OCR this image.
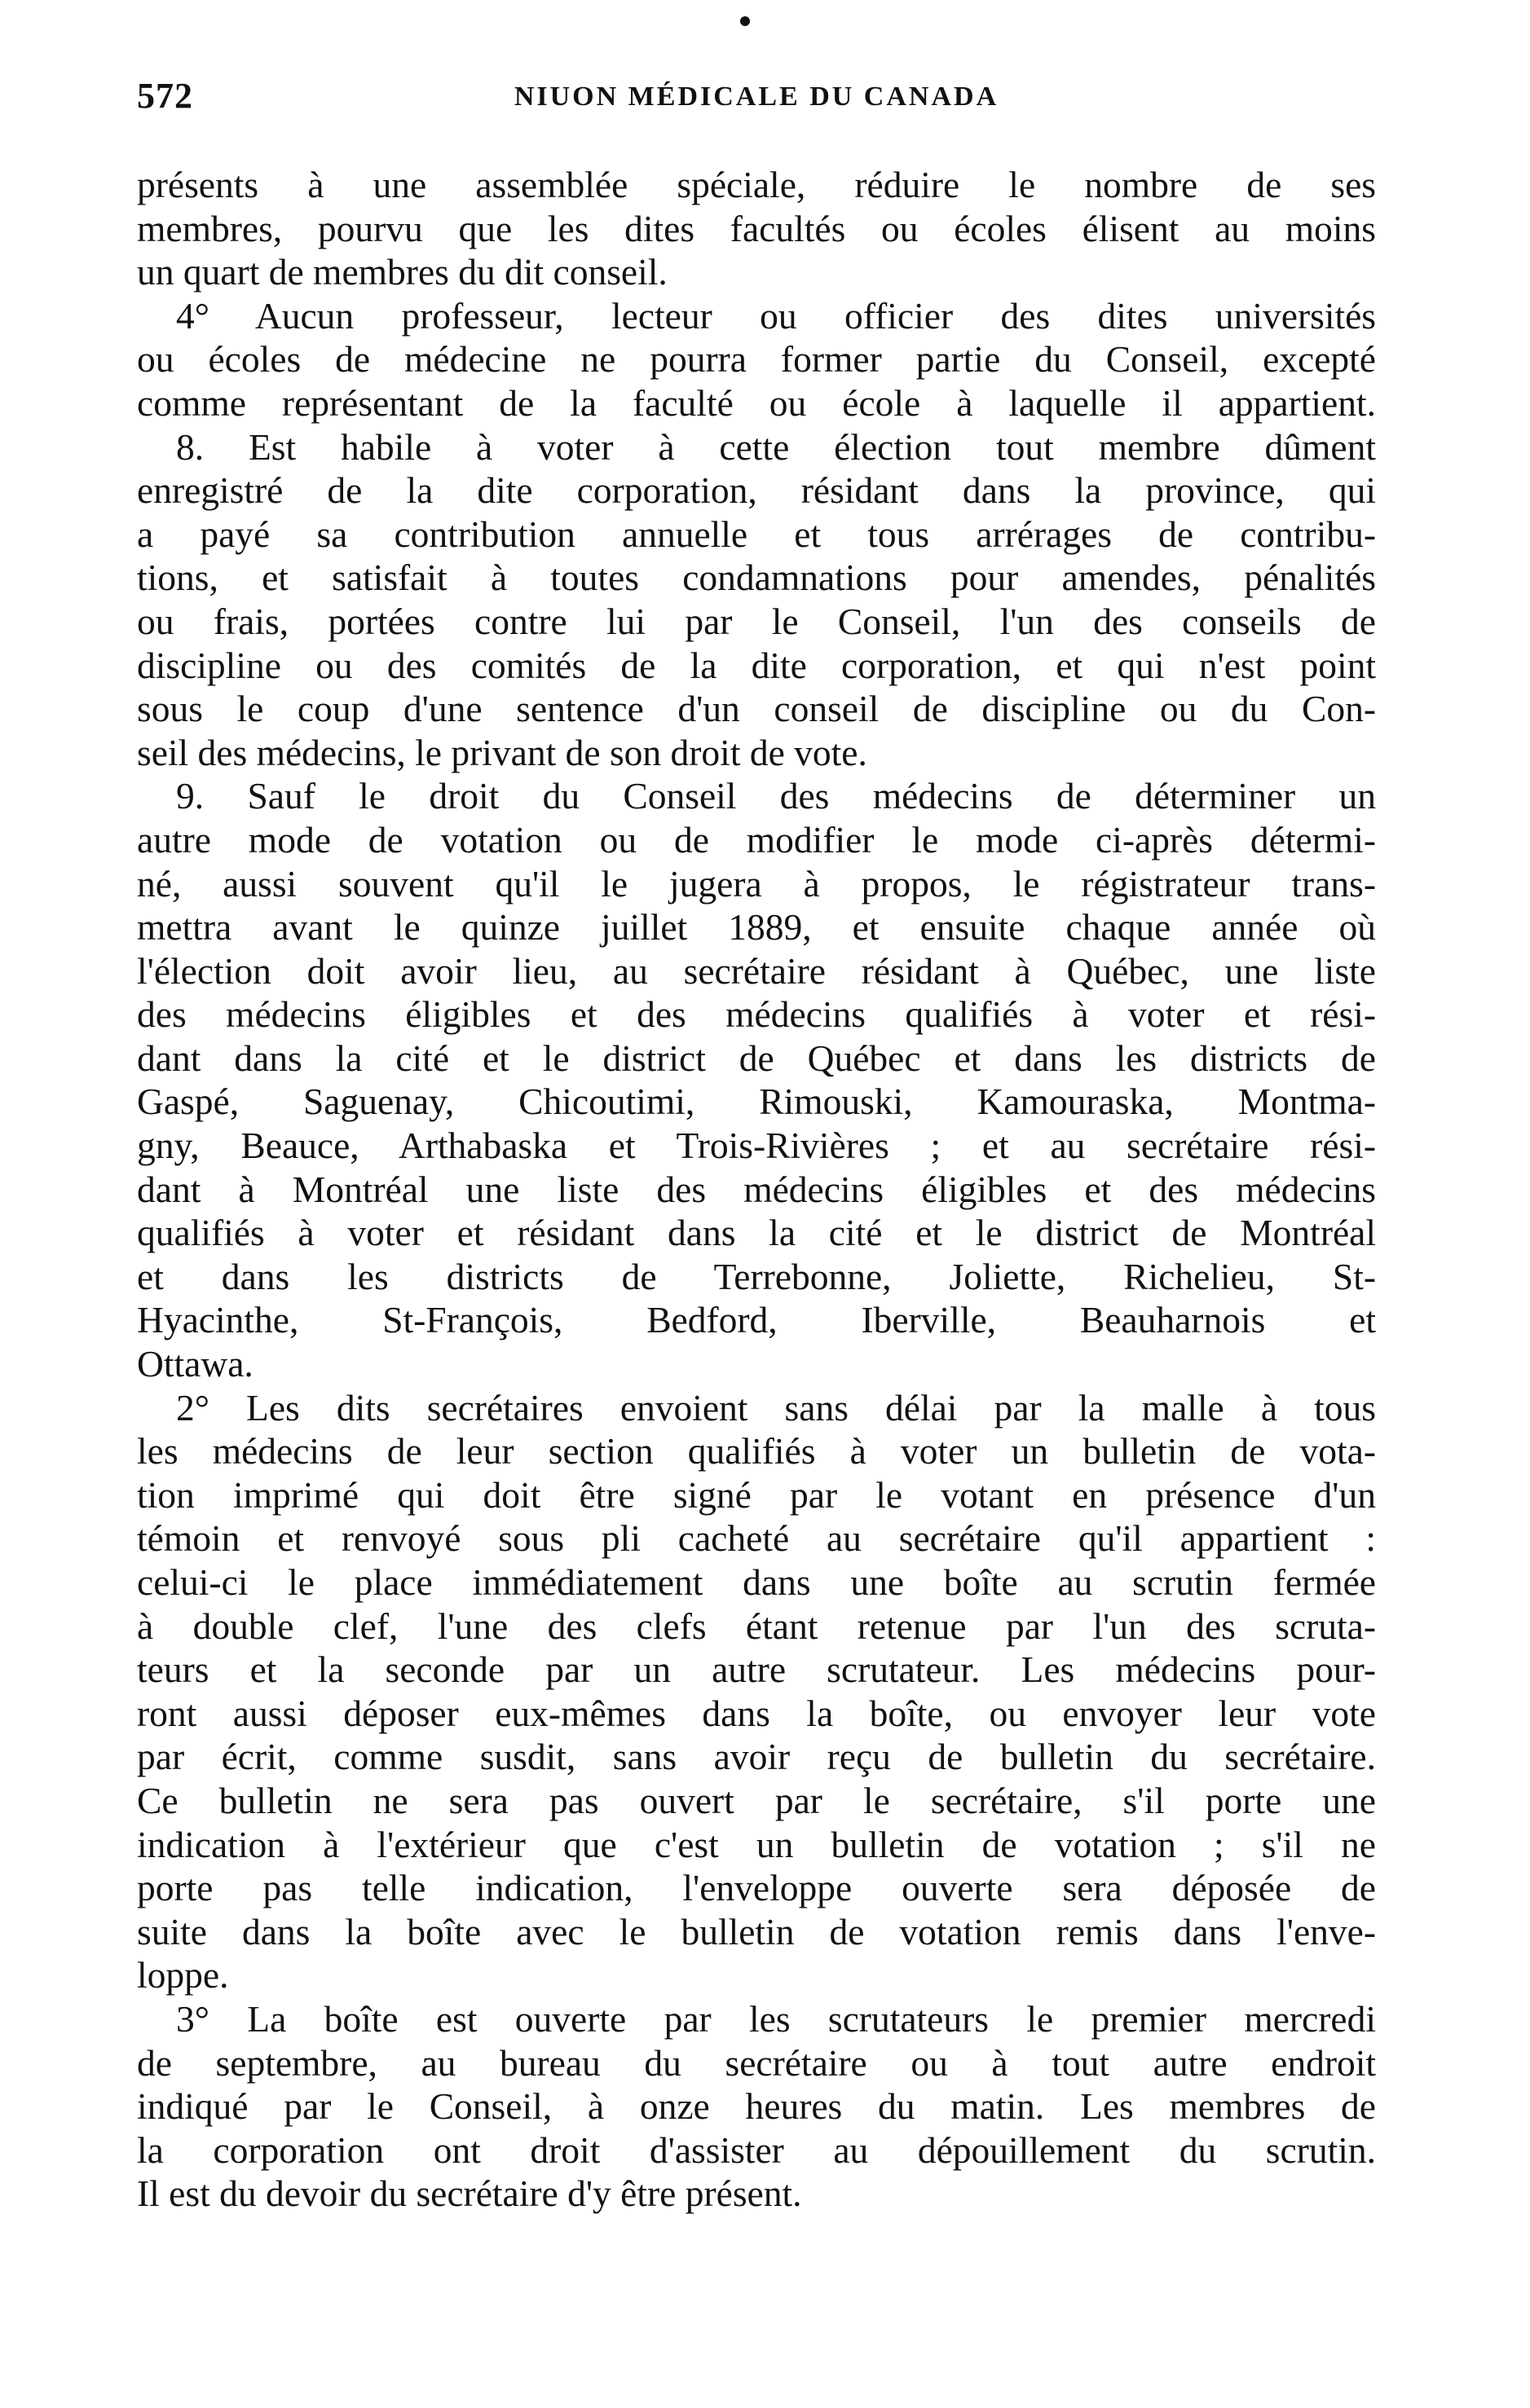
572	NIUON MÉDICALE DU CANADA
présents à une assemblée spéciale, réduire le nombre de ses
membres, pourvu que les dites facultés ou écoles élisent au moins
un quart de membres du dit conseil.
4° Aucun professeur, lecteur ou officier des dites universités
ou écoles de médecine ne pourra former partie du Conseil, excepté
comme représentant de la faculté ou école à laquelle il appartient.
8. Est habile à voter à cette élection tout membre dûment
enregistré de la dite corporation, résidant dans la province, qui
a payé sa contribution annuelle et tous arrérages de contribu-
tions, et satisfait à toutes condamnations pour amendes, pénalités
ou frais, portées contre lui par le Conseil, l'un des conseils de
discipline ou des comités de la dite corporation, et qui n'est point
sous le coup d'une sentence d'un conseil de discipline ou du Con-
seil des médecins, le privant de son droit de vote.
9. Sauf le droit du Conseil des médecins de déterminer un
autre mode de votation ou de modifier le mode ci-après détermi-
né, aussi souvent qu'il le jugera à propos, le régistrateur trans-
mettra avant le quinze juillet 1889, et ensuite chaque année où
l'élection doit avoir lieu, au secrétaire résidant à Québec, une liste
des médecins éligibles et des médecins qualifiés à voter et rési-
dant dans la cité et le district de Québec et dans les districts de
Gaspé, Saguenay, Chicoutimi, Rimouski, Kamouraska, Montma-
gny, Beauce, Arthabaska et Trois-Rivières ; et au secrétaire rési-
dant à Montréal une liste des médecins éligibles et des médecins
qualifiés à voter et résidant dans la cité et le district de Montréal
et dans les districts de Terrebonne, Joliette, Richelieu, St-
Hyacinthe, St-François, Bedford, Iberville, Beauharnois et
Ottawa.
2° Les dits secrétaires envoient sans délai par la malle à tous
les médecins de leur section qualifiés à voter un bulletin de vota-
tion imprimé qui doit être signé par le votant en présence d'un
témoin et renvoyé sous pli cacheté au secrétaire qu'il appartient :
celui-ci le place immédiatement dans une boîte au scrutin fermée
à double clef, l'une des clefs étant retenue par l'un des scruta-
teurs et la seconde par un autre scrutateur. Les médecins pour-
ront aussi déposer eux-mêmes dans la boîte, ou envoyer leur vote
par écrit, comme susdit, sans avoir reçu de bulletin du secrétaire.
Ce bulletin ne sera pas ouvert par le secrétaire, s'il porte une
indication à l'extérieur que c'est un bulletin de votation ; s'il ne
porte pas telle indication, l'enveloppe ouverte sera déposée de
suite dans la boîte avec le bulletin de votation remis dans l'enve-
loppe.
3° La boîte est ouverte par les scrutateurs le premier mercredi
de septembre, au bureau du secrétaire ou à tout autre endroit
indiqué par le Conseil, à onze heures du matin. Les membres de
la corporation ont droit d'assister au dépouillement du scrutin.
Il est du devoir du secrétaire d'y être présent.
